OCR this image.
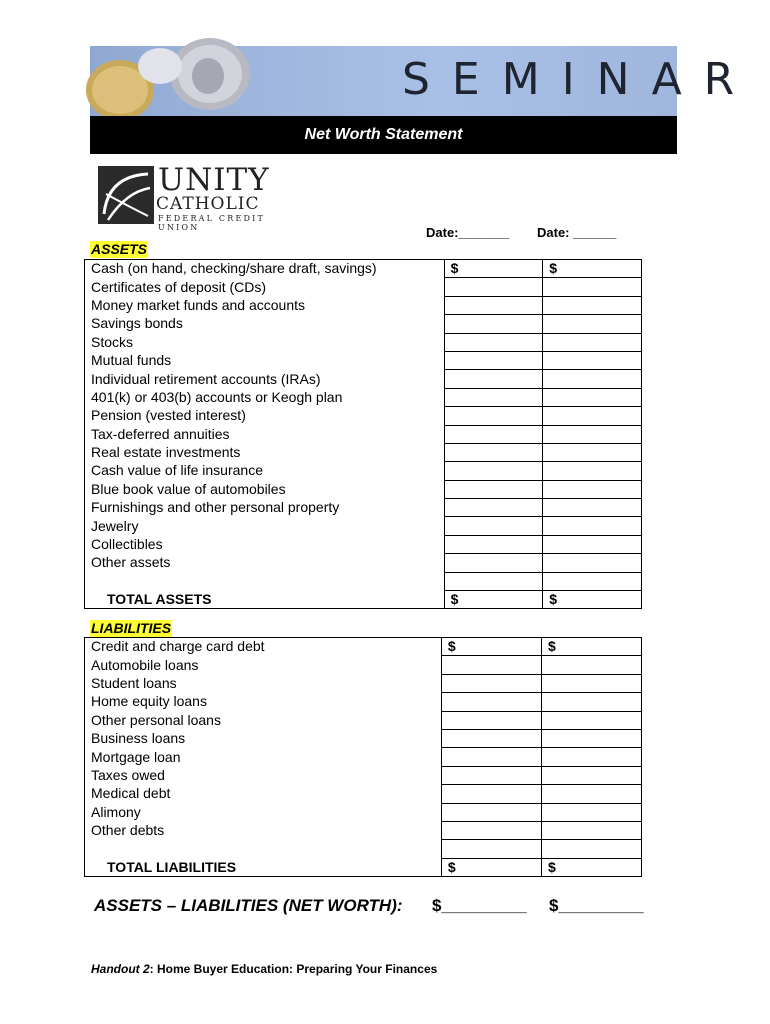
SEMINAR
Net Worth Statement
UNITY
CATHOLIC
FEDERAL CREDIT UNION	Date:_______ Date: ______
ASSETS
Cash (on hand, checking/share draft, savings)	$	$
Certificates of deposit (CDs)		
Money market funds and accounts		
Savings bonds		
Stocks		
Mutual funds		
Individual retirement accounts (IRAs)		
401(k) or 403(b) accounts or Keogh plan		
Pension (vested interest)		
Tax-deferred annuities		
Real estate investments		
Cash value of life insurance		
Blue book value of automobiles		
Furnishings and other personal property		
Jewelry		
Collectibles		
Other assets		

TOTAL ASSETS	$	$
LIABILITIES
Credit and charge card debt	$	$
Automobile loans		
Student loans		
Home equity loans		
Other personal loans		
Business loans		
Mortgage loan		
Taxes owed		
Medical debt		
Alimony		
Other debts		

TOTAL LIABILITIES	$	$
ASSETS – LIABILITIES (NET WORTH): $_________ $_________
Handout 2: Home Buyer Education: Preparing Your Finances
